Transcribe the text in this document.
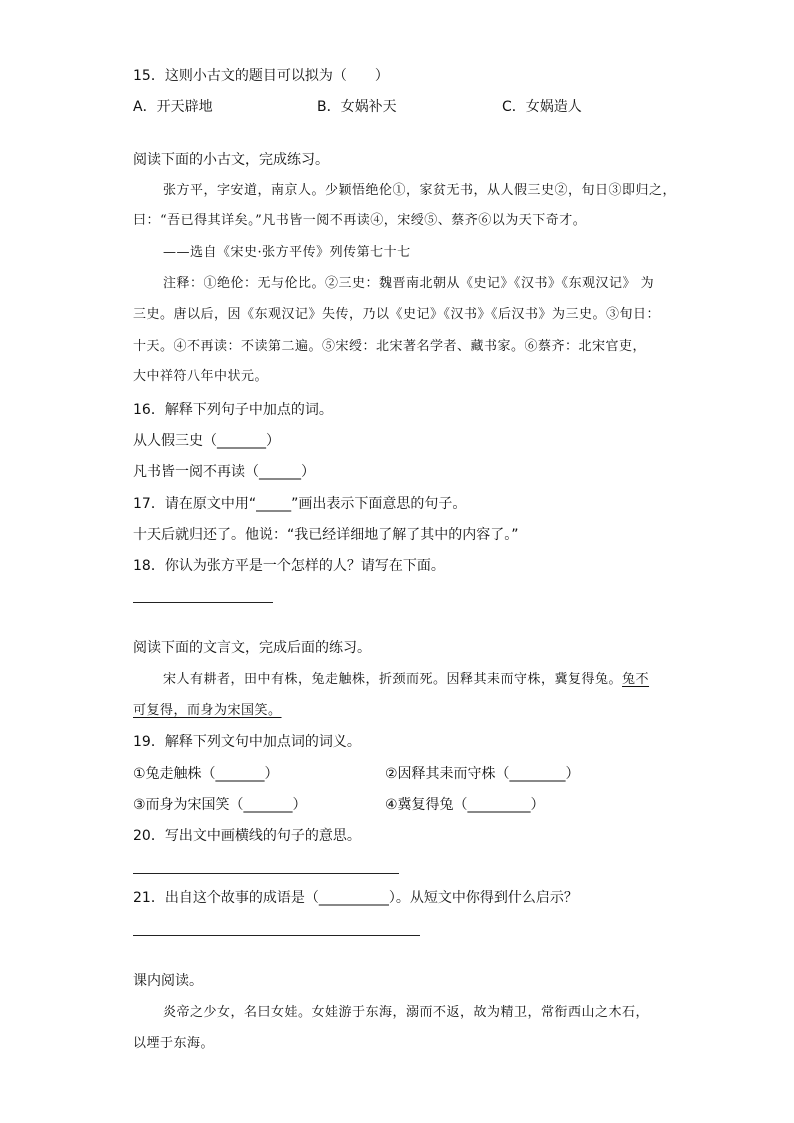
15．这则小古文的题目可以拟为（　　）
A．开天辟地	B．女娲补天	C．女娲造人
阅读下面的小古文，完成练习。
张方平，字安道，南京人。少颖悟绝伦①，家贫无书，从人假三史②，旬日③即归之，
曰：“吾已得其详矣。”凡书皆一阅不再读④，宋绶⑤、蔡齐⑥以为天下奇才。
——选自《宋史·张方平传》列传第七十七
注释：①绝伦：无与伦比。②三史：魏晋南北朝从《史记》《汉书》《东观汉记》 为
三史。唐以后，因《东观汉记》失传，乃以《史记》《汉书》《后汉书》为三史。③旬日：
十天。④不再读：不读第二遍。⑤宋绶：北宋著名学者、藏书家。⑥蔡齐：北宋官吏，
大中祥符八年中状元。
16．解释下列句子中加点的词。
从人假三史（_______）
凡书皆一阅不再读（______）
17．请在原文中用“_____”画出表示下面意思的句子。
十天后就归还了。他说：“我已经详细地了解了其中的内容了。”
18．你认为张方平是一个怎样的人？请写在下面。
阅读下面的文言文，完成后面的练习。
宋人有耕者，田中有株，兔走触株，折颈而死。因释其耒而守株，冀复得兔。兔不
可复得，而身为宋国笑。
19．解释下列文句中加点词的词义。
①兔走触株（_______）	②因释其耒而守株（________）
③而身为宋国笑（_______）	④冀复得兔（_________）
20．写出文中画横线的句子的意思。
21．出自这个故事的成语是（__________）。从短文中你得到什么启示？
课内阅读。
炎帝之少女，名曰女娃。女娃游于东海，溺而不返，故为精卫，常衔西山之木石，
以堙于东海。
